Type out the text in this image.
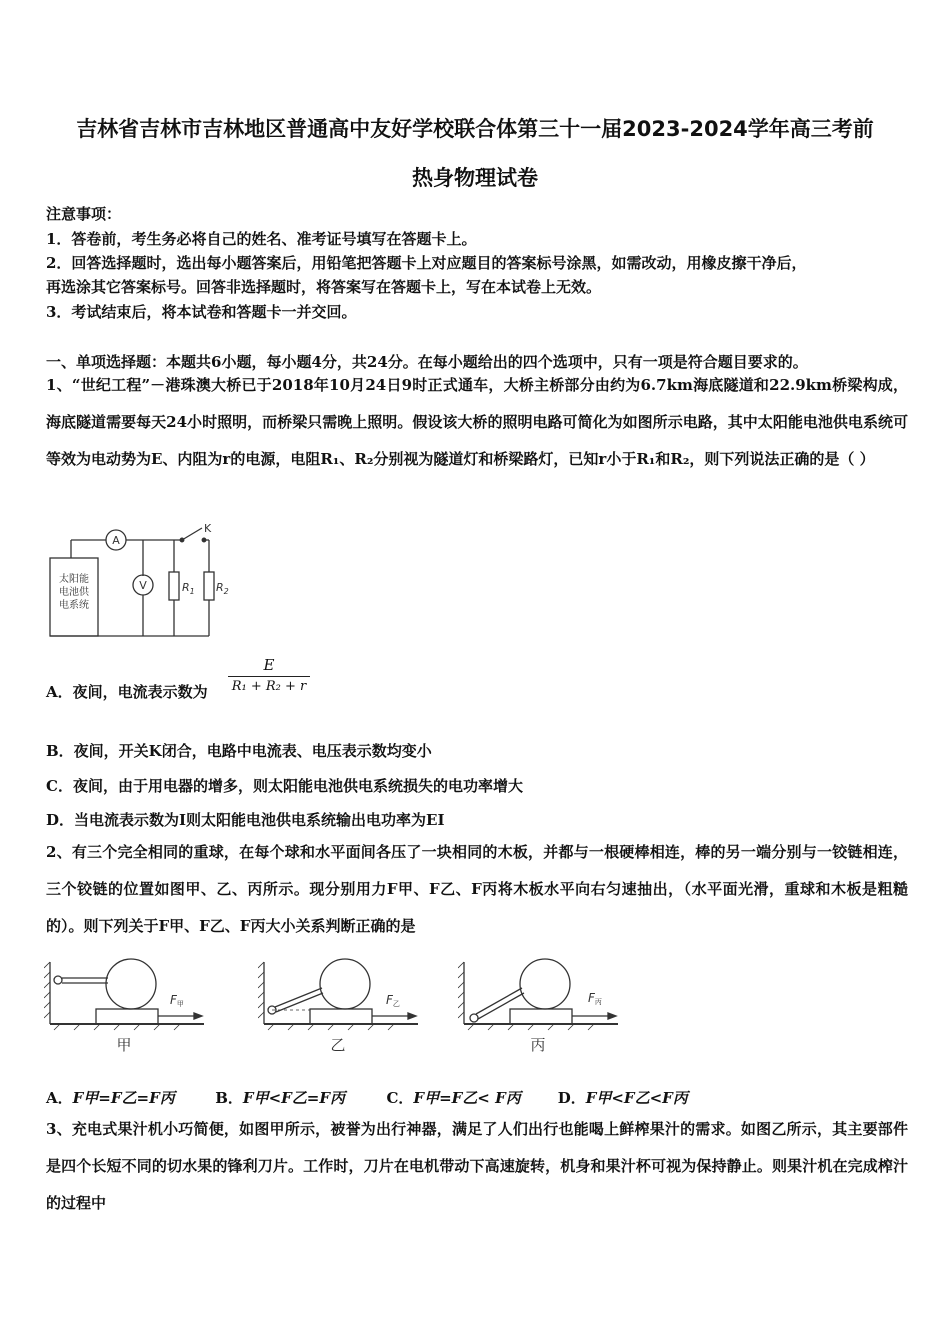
吉林省吉林市吉林地区普通高中友好学校联合体第三十一届2023-2024学年高三考前
热身物理试卷
注意事项：
1．答卷前，考生务必将自己的姓名、准考证号填写在答题卡上。
2．回答选择题时，选出每小题答案后，用铅笔把答题卡上对应题目的答案标号涂黑，如需改动，用橡皮擦干净后，
再选涂其它答案标号。回答非选择题时，将答案写在答题卡上，写在本试卷上无效。
3．考试结束后，将本试卷和答题卡一并交回。
一、单项选择题：本题共6小题，每小题4分，共24分。在每小题给出的四个选项中，只有一项是符合题目要求的。
1、“世纪工程”－港珠澳大桥已于2018年10月24日9时正式通车，大桥主桥部分由约为6.7km海底隧道和22.9km桥梁构成，海底隧道需要每天24小时照明，而桥梁只需晚上照明。假设该大桥的照明电路可简化为如图所示电路，其中太阳能电池供电系统可等效为电动势为E、内阻为r的电源，电阻R₁、R₂分别视为隧道灯和桥梁路灯，已知r小于R₁和R₂，则下列说法正确的是（ ）
太阳能
电池供
电系统
A
K
V	$R_1$ $R_2$
A．夜间，电流表示数为
E
R₁ + R₂ + r
B．夜间，开关K闭合，电路中电流表、电压表示数均变小
C．夜间，由于用电器的增多，则太阳能电池供电系统损失的电功率增大
D．当电流表示数为I则太阳能电池供电系统输出电功率为EI
2、有三个完全相同的重球，在每个球和水平面间各压了一块相同的木板，并都与一根硬棒相连，棒的另一端分别与一铰链相连，三个铰链的位置如图甲、乙、丙所示。现分别用力F甲、F乙、F丙将木板水平向右匀速抽出，（水平面光滑，重球和木板是粗糙的）。则下列关于F甲、F乙、F丙大小关系判断正确的是
F甲
甲
F乙
乙
F丙
丙
A．F甲=F乙=F丙	B．F甲<F乙=F丙	C．F甲=F乙< F丙 D．F甲<F乙<F丙
3、充电式果汁机小巧简便，如图甲所示，被誉为出行神器，满足了人们出行也能喝上鲜榨果汁的需求。如图乙所示，其主要部件是四个长短不同的切水果的锋利刀片。工作时，刀片在电机带动下高速旋转，机身和果汁杯可视为保持静止。则果汁机在完成榨汁的过程中
